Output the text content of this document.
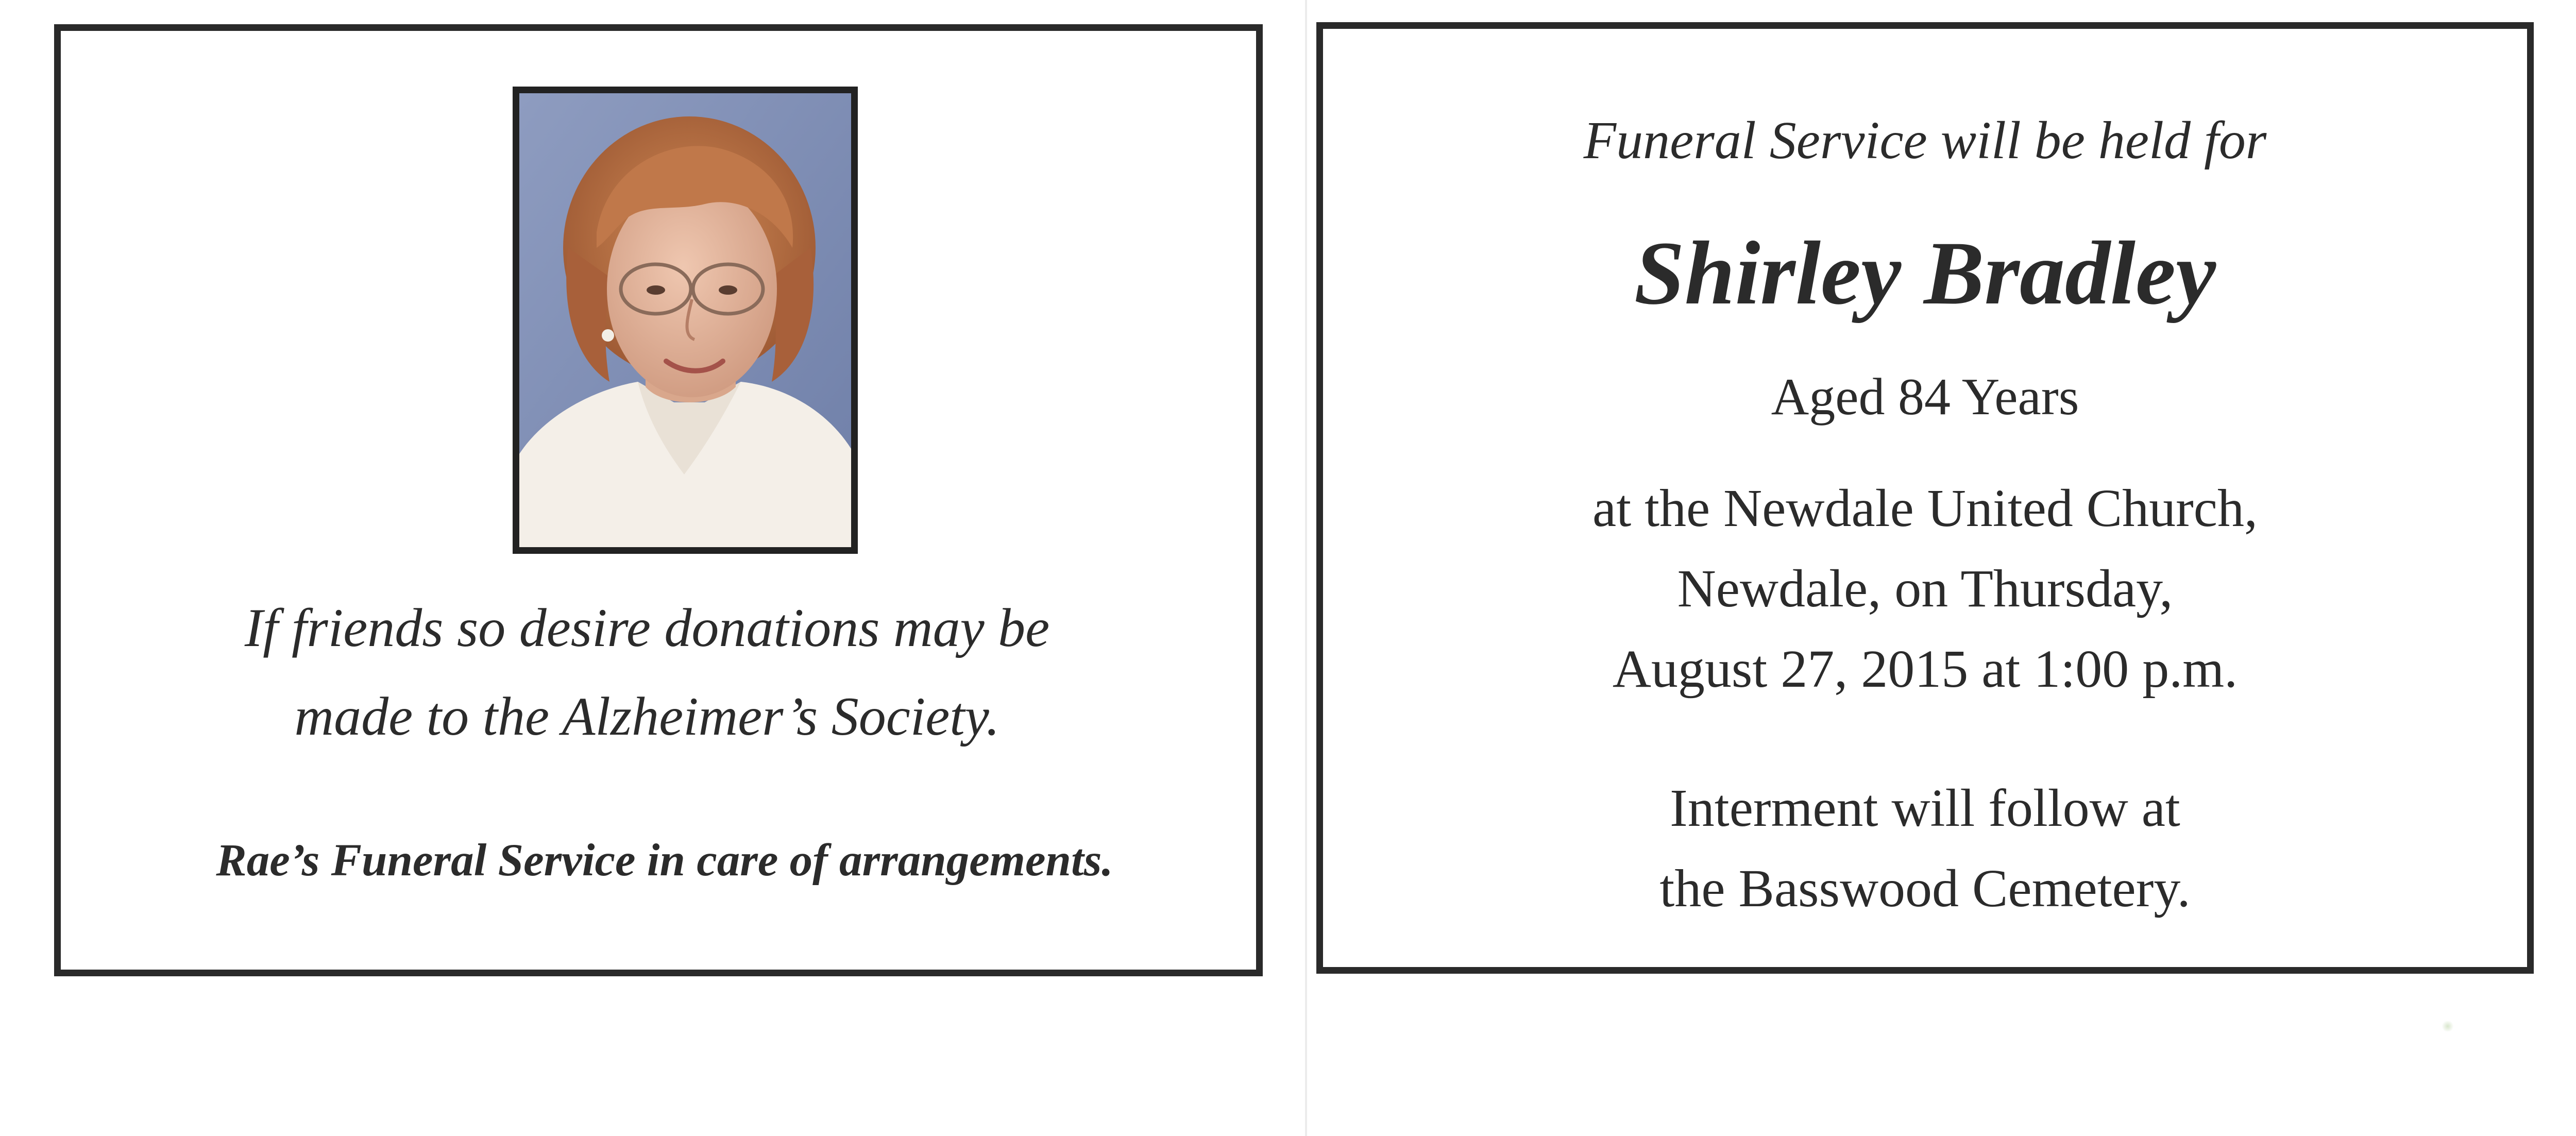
If friends so desire donations may be
made to the Alzheimer’s Society.
Rae’s Funeral Service in care of arrangements.
Funeral Service will be held for
Shirley Bradley
Aged 84 Years
at the Newdale United Church,
Newdale, on Thursday,
August 27, 2015 at 1:00 p.m.
Interment will follow at
the Basswood Cemetery.
